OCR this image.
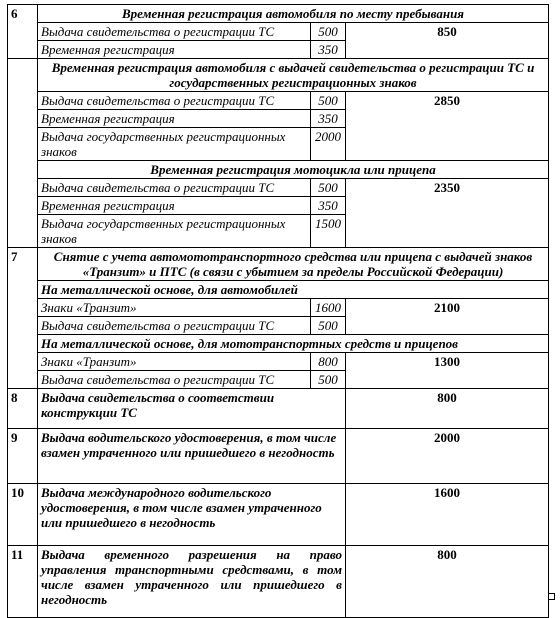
6	Временная регистрация автомобиля по месту пребывания		
	Выдача свидетельства о регистрации ТС	500	850
	Временная регистрация	350	
	Временная регистрация автомобиля с выдачей свидетельства о регистрации ТС и государственных регистрационных знаков		
	Выдача свидетельства о регистрации ТС	500	2850
	Временная регистрация	350	
	Выдача государственных регистрационных знаков	2000	
	Временная регистрация мотоцикла или прицепа		
	Выдача свидетельства о регистрации ТС	500	2350
	Временная регистрация	350	
	Выдача государственных регистрационных знаков	1500	
7	Снятие с учета автомототранспортного средства или прицепа с выдачей знаков «Транзит» и ПТС (в связи с убытием за пределы Российской Федерации)		
	На металлической основе, для автомобилей		
	Знаки «Транзит»	1600	2100
	Выдача свидетельства о регистрации ТС	500	
	На металлической основе, для мототранспортных средств и прицепов		
	Знаки «Транзит»	800	1300
	Выдача свидетельства о регистрации ТС	500	
8	Выдача свидетельства о соответствии конструкции ТС		800
9	Выдача водительского удостоверения, в том числе взамен утраченного или пришедшего в негодность		2000
10	Выдача международного водительского удостоверения, в том числе взамен утраченного или пришедшего в негодность		1600
11	Выдача временного разрешения на право управления транспортными средствами, в том числе взамен утраченного или пришедшего в негодность		800
